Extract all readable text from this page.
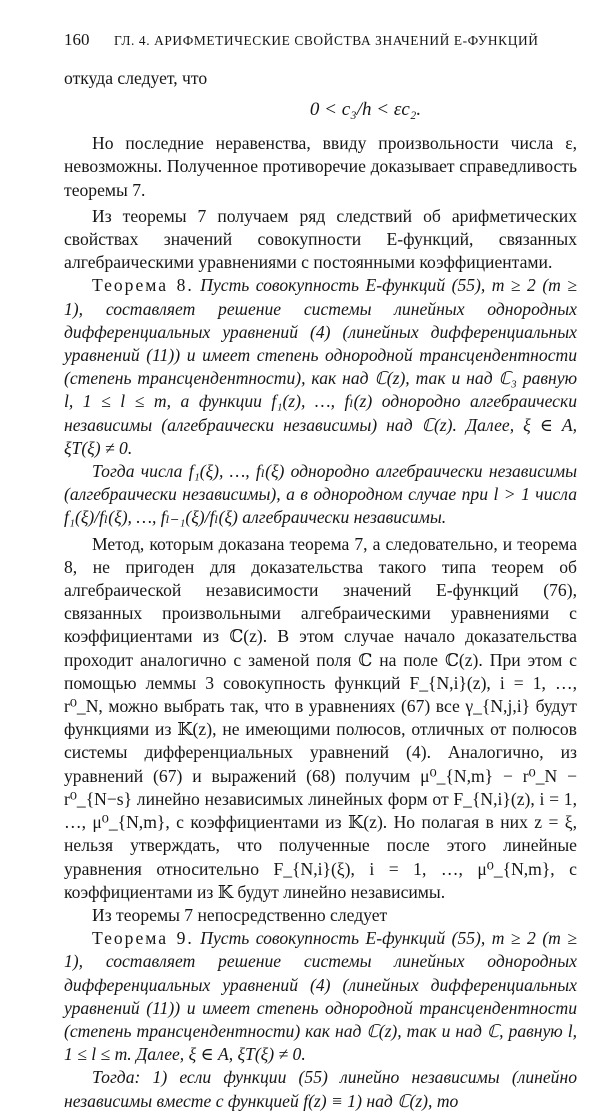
160	ГЛ. 4. АРИФМЕТИЧЕСКИЕ СВОЙСТВА ЗНАЧЕНИЙ E-ФУНКЦИЙ

откуда следует, что

0 < c₃/h < εc₂.

Но последние неравенства, ввиду произвольности числа ε, невозможны. Полученное противоречие доказывает справедливость теоремы 7.

Из теоремы 7 получаем ряд следствий об арифметических свойствах значений совокупности E-функций, связанных алгебраическими уравнениями с постоянными коэффициентами.

Теорема 8. Пусть совокупность E-функций (55), m ≥ 2 (m ≥ 1), составляет решение системы линейных однородных дифференциальных уравнений (4) (линейных дифференциальных уравнений (11)) и имеет степень однородной трансцендентности (степень трансцендентности), как над ℂ(z), так и над ℂ₃ равную l, 1 ≤ l ≤ m, а функции f₁(z), …, fₗ(z) однородно алгебраически независимы (алгебраически независимы) над ℂ(z). Далее, ξ ∈ A, ξT(ξ) ≠ 0.

Тогда числа f₁(ξ), …, fₗ(ξ) однородно алгебраически независимы (алгебраически независимы), а в однородном случае при l > 1 числа f₁(ξ)/fₗ(ξ), …, fₗ₋₁(ξ)/fₗ(ξ) алгебраически независимы.

Метод, которым доказана теорема 7, а следовательно, и теорема 8, не пригоден для доказательства такого типа теорем об алгебраической независимости значений E-функций (76), связанных произвольными алгебраическими уравнениями с коэффициентами из ℂ(z). В этом случае начало доказательства проходит аналогично с заменой поля ℂ на поле ℂ(z). При этом с помощью леммы 3 совокупность функций F_{N,i}(z), i = 1, …, r⁰_N, можно выбрать так, что в уравнениях (67) все γ_{N,j,i} будут функциями из 𝕂(z), не имеющими полюсов, отличных от полюсов системы дифференциальных уравнений (4). Аналогично, из уравнений (67) и выражений (68) получим μ⁰_{N,m} − r⁰_N − r⁰_{N−s} линейно независимых линейных форм от F_{N,i}(z), i = 1, …, μ⁰_{N,m}, с коэффициентами из 𝕂(z). Но полагая в них z = ξ, нельзя утверждать, что полученные после этого линейные уравнения относительно F_{N,i}(ξ), i = 1, …, μ⁰_{N,m}, с коэффициентами из 𝕂 будут линейно независимы.

Из теоремы 7 непосредственно следует

Теорема 9. Пусть совокупность E-функций (55), m ≥ 2 (m ≥ 1), составляет решение системы линейных однородных дифференциальных уравнений (4) (линейных дифференциальных уравнений (11)) и имеет степень однородной трансцендентности (степень трансцендентности) как над ℂ(z), так и над ℂ, равную l, 1 ≤ l ≤ m. Далее, ξ ∈ A, ξT(ξ) ≠ 0.

Тогда: 1) если функции (55) линейно независимы (линейно независимы вместе с функцией f(z) ≡ 1) над ℂ(z), то
